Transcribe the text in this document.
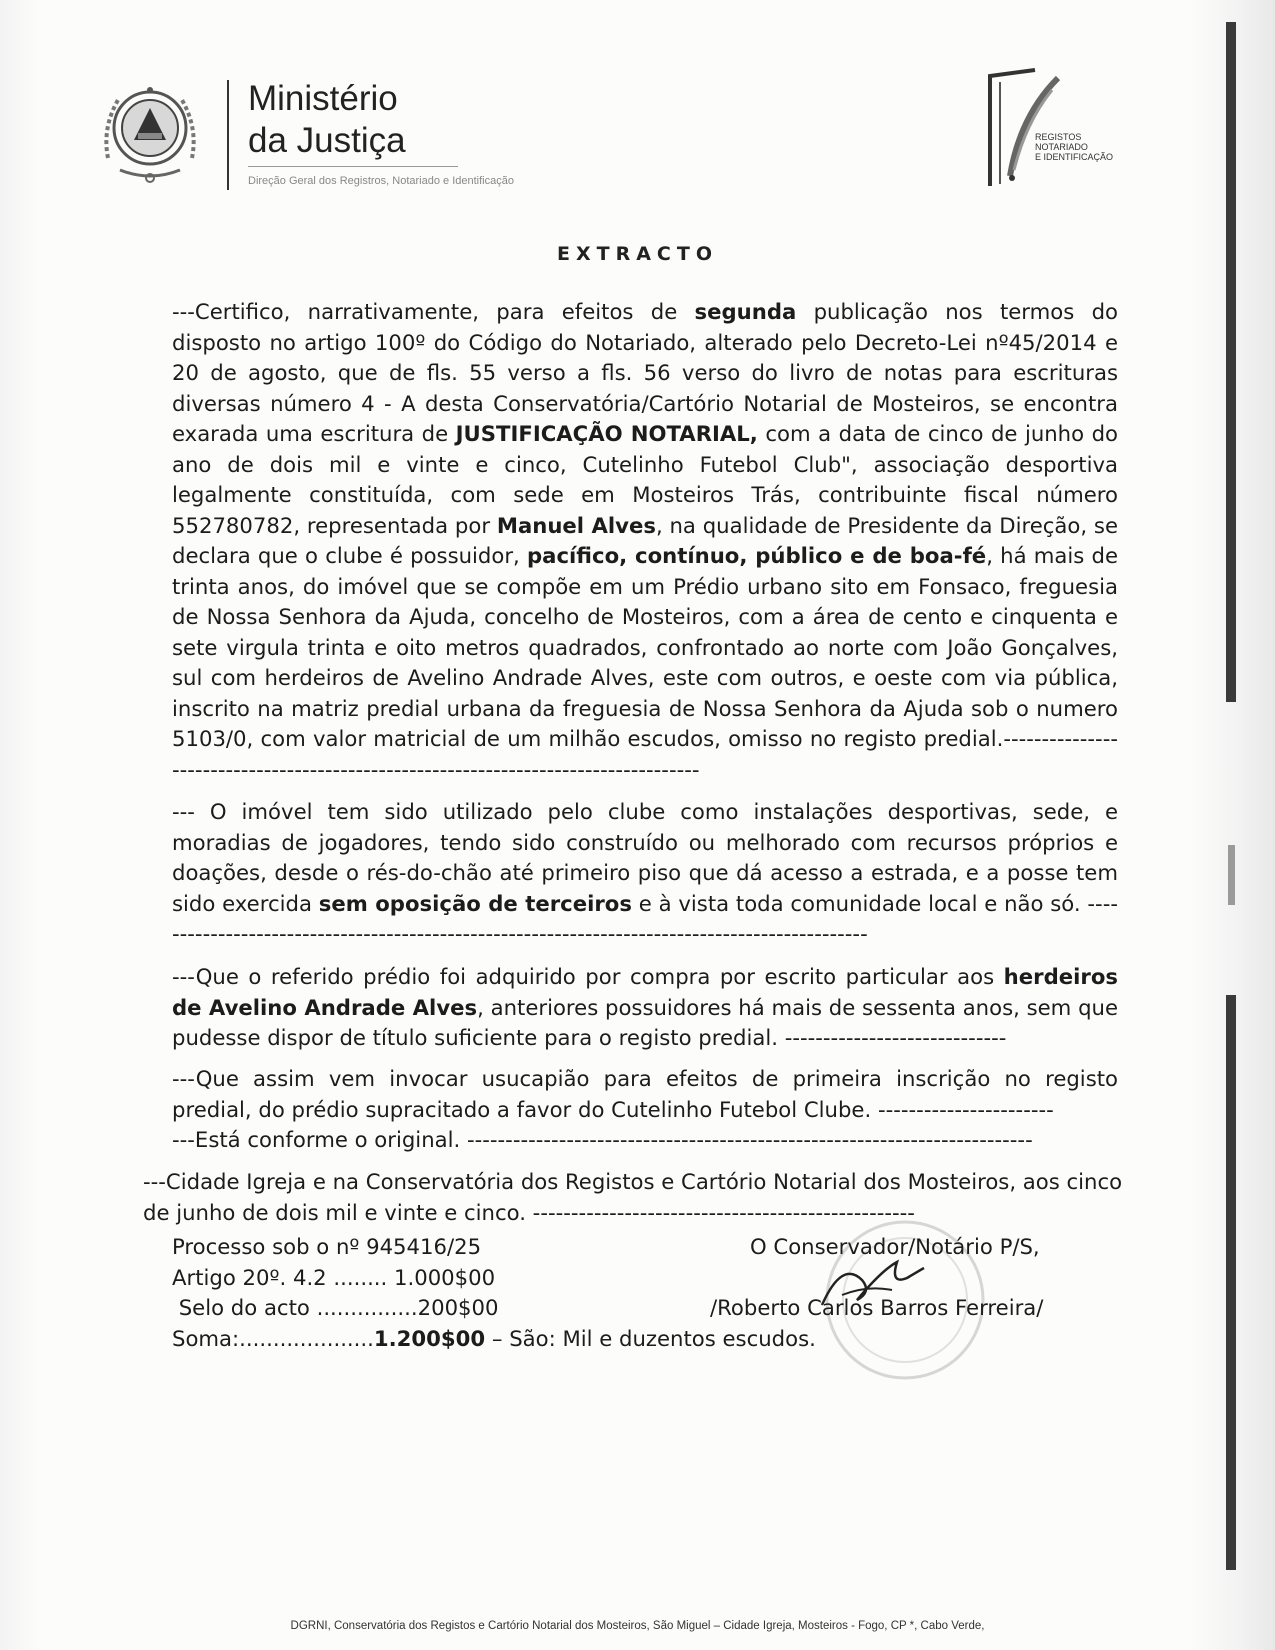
Ministério
da Justiça
Direção Geral dos Registros, Notariado e Identificação
REGISTOS
NOTARIADO
E IDENTIFICAÇÃO
EXTRACTO

---Certifico, narrativamente, para efeitos de segunda publicação nos termos do disposto no artigo 100º do Código do Notariado, alterado pelo Decreto-Lei nº45/2014 e 20 de agosto, que de fls. 55 verso a fls. 56 verso do livro de notas para escrituras diversas número 4 - A desta Conservatória/Cartório Notarial de Mosteiros, se encontra exarada uma escritura de JUSTIFICAÇÃO NOTARIAL, com a data de cinco de junho do ano de dois mil e vinte e cinco, Cutelinho Futebol Club", associação desportiva legalmente constituída, com sede em Mosteiros Trás, contribuinte fiscal número 552780782, representada por Manuel Alves, na qualidade de Presidente da Direção, se declara que o clube é possuidor, pacífico, contínuo, público e de boa-fé, há mais de trinta anos, do imóvel que se compõe em um Prédio urbano sito em Fonsaco, freguesia de Nossa Senhora da Ajuda, concelho de Mosteiros, com a área de cento e cinquenta e sete virgula trinta e oito metros quadrados, confrontado ao norte com João Gonçalves, sul com herdeiros de Avelino Andrade Alves, este com outros, e oeste com via pública, inscrito na matriz predial urbana da freguesia de Nossa Senhora da Ajuda sob o numero 5103/0, com valor matricial de um milhão escudos, omisso no registo predial.------------------------------------------------------------------------------------

--- O imóvel tem sido utilizado pelo clube como instalações desportivas, sede, e moradias de jogadores, tendo sido construído ou melhorado com recursos próprios e doações, desde o rés-do-chão até primeiro piso que dá acesso a estrada, e a posse tem sido exercida sem oposição de terceiros e à vista toda comunidade local e não só. -----------------------------------------------------------------------------------------------

---Que o referido prédio foi adquirido por compra por escrito particular aos herdeiros de Avelino Andrade Alves, anteriores possuidores há mais de sessenta anos, sem que pudesse dispor de título suficiente para o registo predial. -----------------------------

---Que assim vem invocar usucapião para efeitos de primeira inscrição no registo predial, do prédio supracitado a favor do Cutelinho Futebol Clube. -----------------------

---Está conforme o original. --------------------------------------------------------------------------

---Cidade Igreja e na Conservatória dos Registos e Cartório Notarial dos Mosteiros, aos cinco de junho de dois mil e vinte e cinco. --------------------------------------------------

Processo sob o nº 945416/25
Artigo 20º. 4.2 ........ 1.000$00
Selo do acto ...............200$00
Soma:....................1.200$00 – São: Mil e duzentos escudos.
O Conservador/Notário P/S,
/Roberto Carlos Barros Ferreira/
DGRNI, Conservatória dos Registos e Cartório Notarial dos Mosteiros, São Miguel – Cidade Igreja, Mosteiros - Fogo, CP *, Cabo Verde,
